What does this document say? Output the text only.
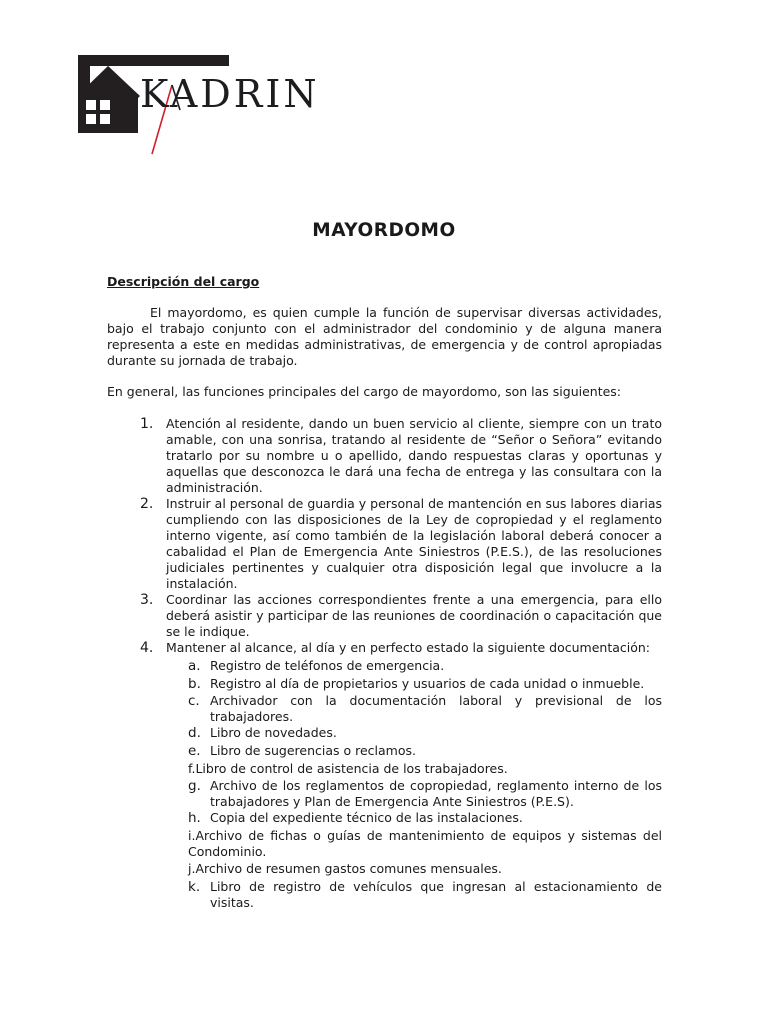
KADRIN
MAYORDOMO
Descripción del cargo
El mayordomo, es quien cumple la función de supervisar diversas actividades, bajo el trabajo conjunto con el administrador del condominio y de alguna manera representa a este en medidas administrativas, de emergencia y de control apropiadas durante su jornada de trabajo.
En general, las funciones principales del cargo de mayordomo, son las siguientes:
1.	Atención al residente, dando un buen servicio al cliente, siempre con un trato amable, con una sonrisa, tratando al residente de “Señor o Señora” evitando tratarlo por su nombre u o apellido, dando respuestas claras y oportunas y aquellas que desconozca le dará una fecha de entrega y las consultara con la administración.
2.	Instruir al personal de guardia y personal de mantención en sus labores diarias cumpliendo con las disposiciones de la Ley de copropiedad y el reglamento interno vigente, así como también de la legislación laboral deberá conocer a cabalidad el Plan de Emergencia Ante Siniestros (P.E.S.), de las resoluciones judiciales pertinentes y cualquier otra disposición legal que involucre a la instalación.
3.	Coordinar las acciones correspondientes frente a una emergencia, para ello deberá asistir y participar de las reuniones de coordinación o capacitación que se le indique.
4.	Mantener al alcance, al día y en perfecto estado la siguiente documentación:
a. Registro de teléfonos de emergencia.
b. Registro al día de propietarios y usuarios de cada unidad o inmueble.
c. Archivador con la documentación laboral y previsional de los trabajadores.
d. Libro de novedades.
e. Libro de sugerencias o reclamos.
f.Libro de control de asistencia de los trabajadores.
g. Archivo de los reglamentos de copropiedad, reglamento interno de los trabajadores y Plan de Emergencia Ante Siniestros (P.E.S).
h. Copia del expediente técnico de las instalaciones.
i.Archivo de fichas o guías de mantenimiento de equipos y sistemas del Condominio.
j.Archivo de resumen gastos comunes mensuales.
k. Libro de registro de vehículos que ingresan al estacionamiento de visitas.
